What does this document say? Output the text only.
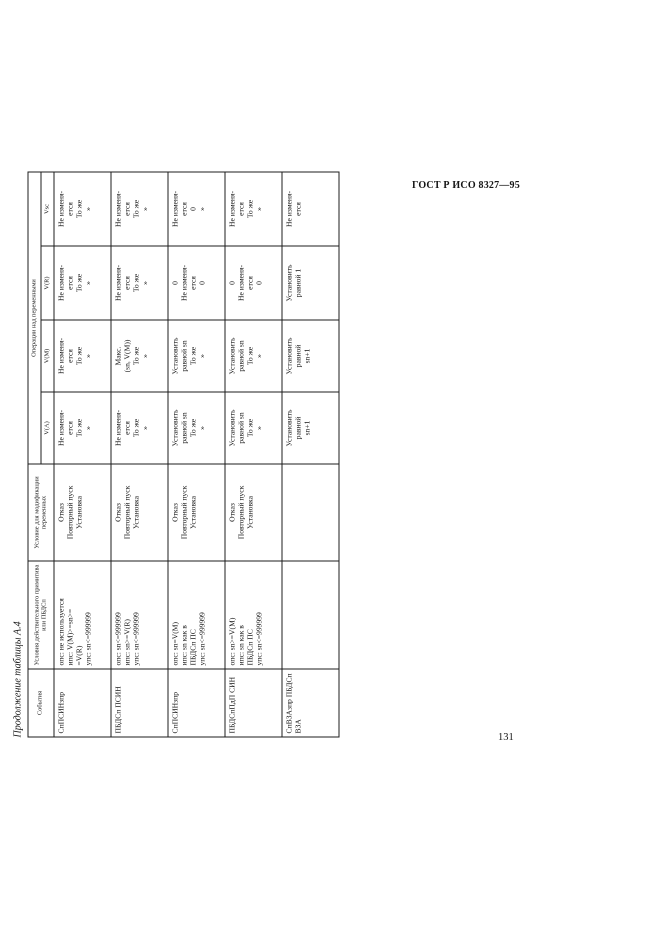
ГОСТ Р ИСО 8327—95
Продолжение таблицы А.4 События	Условия действительного примитива или ПБДСп	Условие для модификации переменных	Операции над переменными			
			V(A)	V(M)	V(R)	Vsc

СпПСИНзпр	опс: не используется ипс: V(M)>=sn>= =V(R) упс: sn<=999999	Отказ Повторный пуск Установка	Не изменя- ется То же »	Не изменя- ется То же »	Не изменя- ется То же »	Не изменя- ется То же »

ПБДСп ПСИН	опс: sn<=999999 ипс: sn>=V(R) упс: sn<=999999	Отказ Повторный пуск Установка	Не изменя- ется То же »	Макс. (sn, V(M)) То же »	Не изменя- ется То же »	Не изменя- ется То же »

СпПСИНзпр	опс: sn=V(M) ипс: sn как в ПБДСп ПС упс: sn<=999999	Отказ Повторный пуск Установка	Установить равной sn То же »	Установить равной sn То же »	0 Не изменя- ется 0	Не изменя- ется 0 »

ПБДСпПдП СИН	опс: sn>=V(M) ипс: sn как в ПБДСп ПС упс: sn<=999999	Отказ Повторный пуск Установка	Установить равной sn То же »	Установить равной sn То же »	0 Не изменя- ется 0	Не изменя- ется То же »

СпВЗАзпр ПБДСп ВЗА			Установить равной sn+1	Установить равной sn+1	Установить равной 1	Не изменя- ется
131
